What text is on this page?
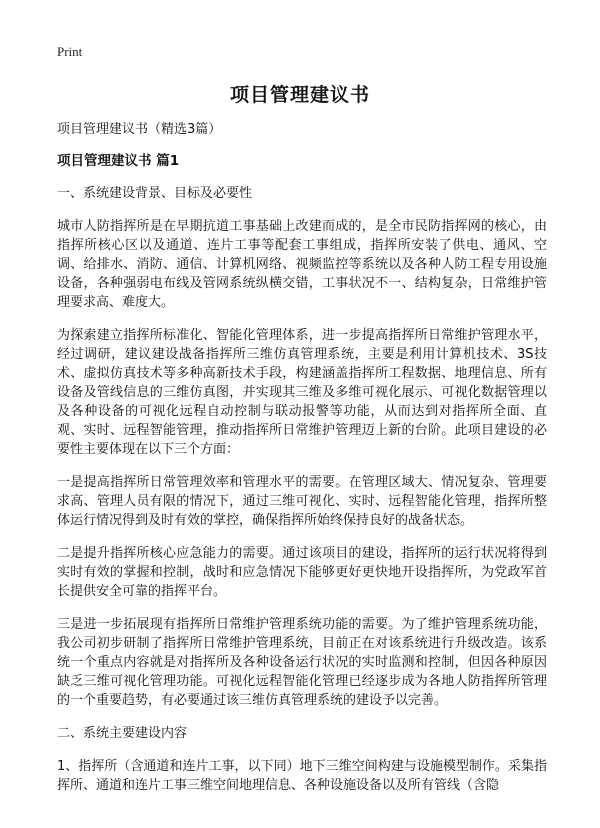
Print
项目管理建议书

项目管理建议书（精选3篇）

项目管理建议书 篇1

一、系统建设背景、目标及必要性

城市人防指挥所是在早期抗道工事基础上改建而成的，是全市民防指挥网的核心，由指挥所核心区以及通道、连片工事等配套工事组成，指挥所安装了供电、通风、空调、给排水、消防、通信、计算机网络、视频监控等系统以及各种人防工程专用设施设备，各种强弱电布线及管网系统纵横交错，工事状况不一、结构复杂，日常维护管理要求高、难度大。

为探索建立指挥所标准化、智能化管理体系，进一步提高指挥所日常维护管理水平，经过调研，建议建设战备指挥所三维仿真管理系统，主要是利用计算机技术、3S技术、虚拟仿真技术等多种高新技术手段，构建涵盖指挥所工程数据、地理信息、所有设备及管线信息的三维仿真图，并实现其三维及多维可视化展示、可视化数据管理以及各种设备的可视化远程自动控制与联动报警等功能，从而达到对指挥所全面、直观、实时、远程智能管理，推动指挥所日常维护管理迈上新的台阶。此项目建设的必要性主要体现在以下三个方面：

一是提高指挥所日常管理效率和管理水平的需要。在管理区域大、情况复杂、管理要求高、管理人员有限的情况下，通过三维可视化、实时、远程智能化管理，指挥所整体运行情况得到及时有效的掌控，确保指挥所始终保持良好的战备状态。

二是提升指挥所核心应急能力的需要。通过该项目的建设，指挥所的运行状况将得到实时有效的掌握和控制，战时和应急情况下能够更好更快地开设指挥所，为党政军首长提供安全可靠的指挥平台。

三是进一步拓展现有指挥所日常维护管理系统功能的需要。为了维护管理系统功能，我公司初步研制了指挥所日常维护管理系统，目前正在对该系统进行升级改造。该系统一个重点内容就是对指挥所及各种设备运行状况的实时监测和控制，但因各种原因缺乏三维可视化管理功能。可视化远程智能化管理已经逐步成为各地人防指挥所管理的一个重要趋势，有必要通过该三维仿真管理系统的建设予以完善。

二、系统主要建设内容

1、指挥所（含通道和连片工事，以下同）地下三维空间构建与设施模型制作。采集指挥所、通道和连片工事三维空间地理信息、各种设施设备以及所有管线（含隐
